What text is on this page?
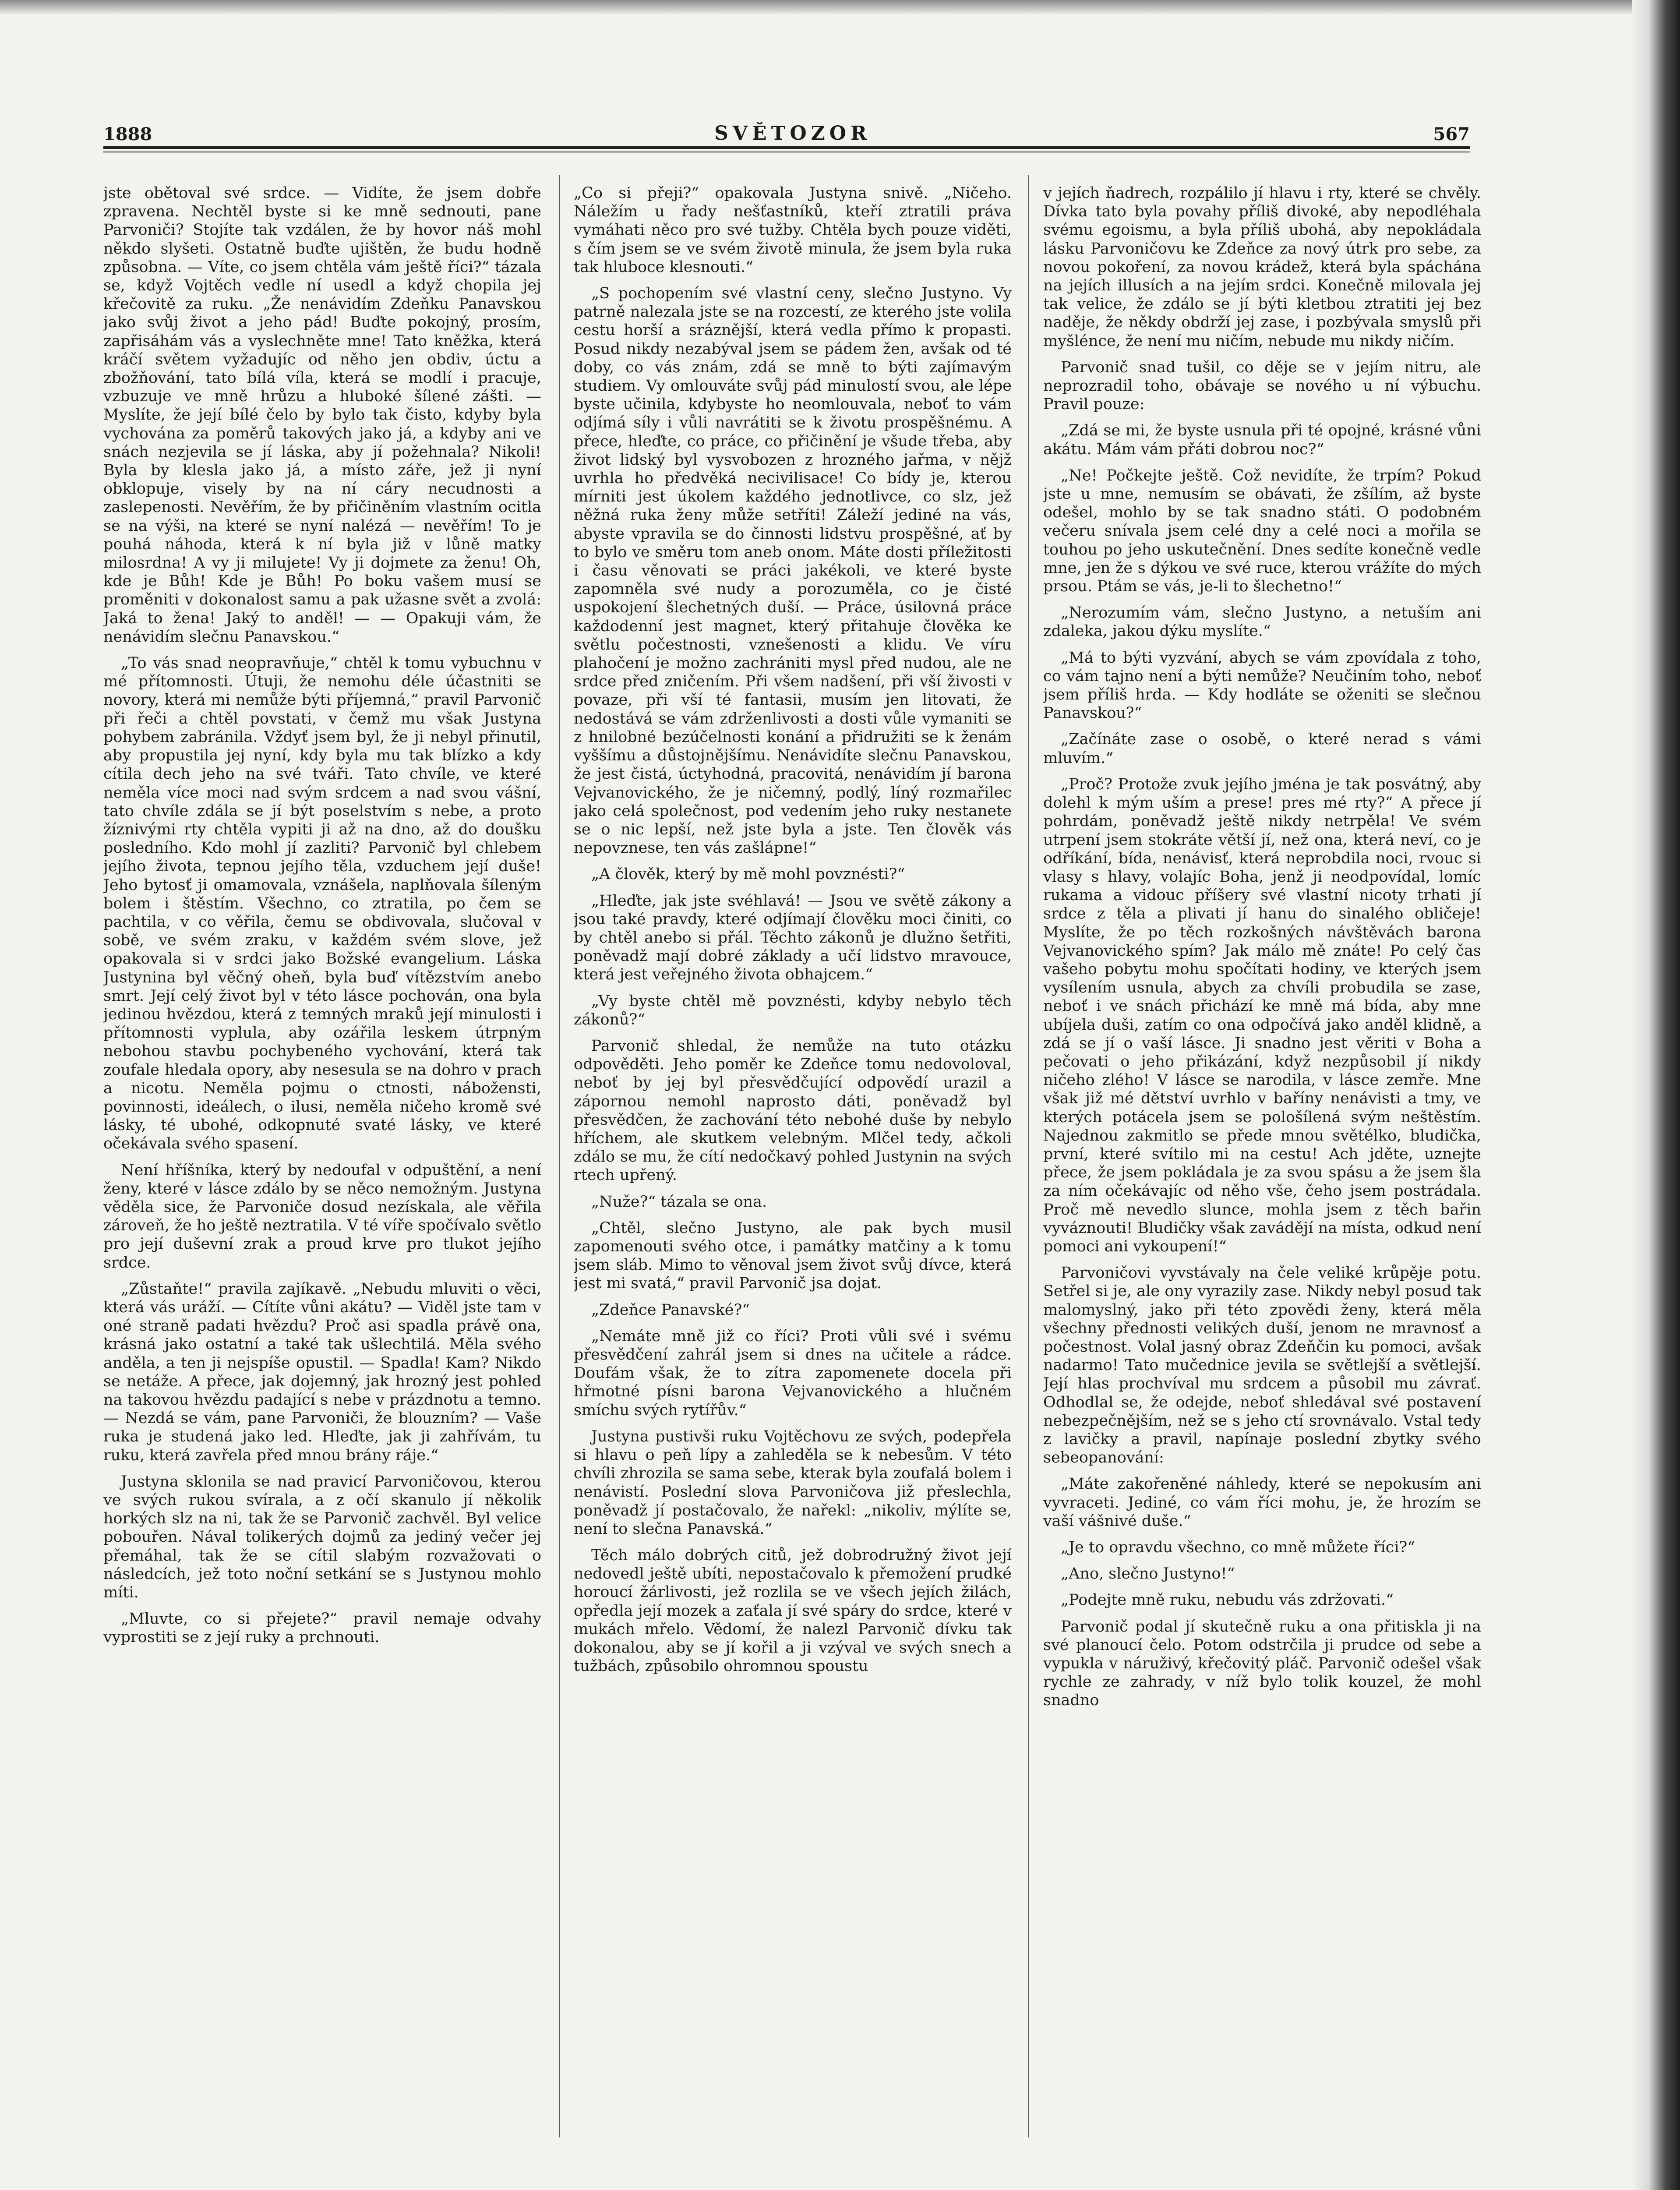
1888	SVĚTOZOR	567

jste obětoval své srdce. — Vidíte, že jsem dobře zpravena. Nechtěl byste si ke mně sednouti, pane Parvoniči? Stojíte tak vzdálen, že by hovor náš mohl někdo slyšeti. Ostatně buďte ujištěn, že budu hodně způsobna. — Víte, co jsem chtěla vám ještě říci?“ tázala se, když Vojtěch vedle ní usedl a když chopila jej křečovitě za ruku. „Že nenávidím Zdeňku Panavskou jako svůj život a jeho pád! Buďte pokojný, prosím, zapřisáhám vás a vyslechněte mne! Tato kněžka, která kráčí světem vyžadujíc od něho jen obdiv, úctu a zbožňování, tato bílá víla, která se modlí i pracuje, vzbuzuje ve mně hrůzu a hluboké šílené zášti. — Myslíte, že její bílé čelo by bylo tak čisto, kdyby byla vychována za poměrů takových jako já, a kdyby ani ve snách nezjevila se jí láska, aby jí požehnala? Nikoli! Byla by klesla jako já, a místo záře, jež ji nyní obklopuje, visely by na ní cáry necudnosti a zaslepenosti. Nevěřím, že by přičiněním vlastním ocitla se na výši, na které se nyní nalézá — nevěřím! To je pouhá náhoda, která k ní byla již v lůně matky milosrdna! A vy ji milujete! Vy ji dojmete za ženu! Oh, kde je Bůh! Kde je Bůh! Po boku vašem musí se proměniti v dokonalost samu a pak užasne svět a zvolá: Jaká to žena! Jaký to anděl! — — Opakuji vám, že nenávidím slečnu Panavskou.“

„To vás snad neopravňuje,“ chtěl k tomu vybuchnu v mé přítomnosti. Útuji, že nemohu déle účastniti se novory, která mi nemůže býti příjemná,“ pravil Parvonič při řeči a chtěl povstati, v čemž mu však Justyna pohybem zabránila. Vždyť jsem byl, že ji nebyl přinutil, aby propustila jej nyní, kdy byla mu tak blízko a kdy cítila dech jeho na své tváři. Tato chvíle, ve které neměla více moci nad svým srdcem a nad svou vášní, tato chvíle zdála se jí být poselstvím s nebe, a proto žíznivými rty chtěla vypiti ji až na dno, až do doušku posledního. Kdo mohl jí zazliti? Parvonič byl chlebem jejího života, tepnou jejího těla, vzduchem její duše! Jeho bytosť ji omamovala, vznášela, naplňovala šíleným bolem i štěstím. Všechno, co ztratila, po čem se pachtila, v co věřila, čemu se obdivovala, slučoval v sobě, ve svém zraku, v každém svém slove, jež opakovala si v srdci jako Božské evangelium. Láska Justynina byl věčný oheň, byla buď vítězstvím anebo smrt. Její celý život byl v této lásce pochován, ona byla jedinou hvězdou, která z temných mraků její minulosti i přítomnosti vyplula, aby ozářila leskem útrpným nebohou stavbu pochybeného vychování, která tak zoufale hledala opory, aby nesesula se na dohro v prach a nicotu. Neměla pojmu o ctnosti, nábožensti, povinnosti, ideálech, o ilusi, neměla ničeho kromě své lásky, té ubohé, odkopnuté svaté lásky, ve které očekávala svého spasení.

Není hříšníka, který by nedoufal v odpuštění, a není ženy, které v lásce zdálo by se něco nemožným. Justyna věděla sice, že Parvoniče dosud nezískala, ale věřila zároveň, že ho ještě neztratila. V té víře spočívalo světlo pro její duševní zrak a proud krve pro tlukot jejího srdce.

„Zůstaňte!“ pravila zajíkavě. „Nebudu mluviti o věci, která vás uráží. — Cítíte vůni akátu? — Viděl jste tam v oné straně padati hvězdu? Proč asi spadla právě ona, krásná jako ostatní a také tak ušlechtilá. Měla svého anděla, a ten ji nejspíše opustil. — Spadla! Kam? Nikdo se netáže. A přece, jak dojemný, jak hrozný jest pohled na takovou hvězdu padající s nebe v prázdnotu a temno. — Nezdá se vám, pane Parvoniči, že blouzním? — Vaše ruka je studená jako led. Hleďte, jak ji zahřívám, tu ruku, která zavřela před mnou brány ráje.“

Justyna sklonila se nad pravicí Parvoničovou, kterou ve svých rukou svírala, a z očí skanulo jí několik horkých slz na ni, tak že se Parvonič zachvěl. Byl velice pobouřen. Nával tolikerých dojmů za jediný večer jej přemáhal, tak že se cítil slabým rozvažovati o následcích, jež toto noční setkání se s Justynou mohlo míti.

„Mluvte, co si přejete?“ pravil nemaje odvahy vyprostiti se z její ruky a prchnouti.

„Co si přeji?“ opakovala Justyna snivě. „Ničeho. Náležím u řady nešťastníků, kteří ztratili práva vymáhati něco pro své tužby. Chtěla bych pouze viděti, s čím jsem se ve svém životě minula, že jsem byla ruka tak hluboce klesnouti.“

„S pochopením své vlastní ceny, slečno Justyno. Vy patrně nalezala jste se na rozcestí, ze kterého jste volila cestu horší a sráznější, která vedla přímo k propasti. Posud nikdy nezabýval jsem se pádem žen, avšak od té doby, co vás znám, zdá se mně to býti zajímavým studiem. Vy omlouváte svůj pád minulostí svou, ale lépe byste učinila, kdybyste ho neomlouvala, neboť to vám odjímá síly i vůli navrátiti se k životu prospěšnému. A přece, hleďte, co práce, co přičinění je všude třeba, aby život lidský byl vysvobozen z hrozného jařma, v nějž uvrhla ho předvěká necivilisace! Co bídy je, kterou mírniti jest úkolem každého jednotlivce, co slz, jež něžná ruka ženy může setříti! Záleží jediné na vás, abyste vpravila se do činnosti lidstvu prospěšné, ať by to bylo ve směru tom aneb onom. Máte dosti příležitosti i času věnovati se práci jakékoli, ve které byste zapomněla své nudy a porozuměla, co je čisté uspokojení šlechetných duší. — Práce, úsilovná práce každodenní jest magnet, který přitahuje člověka ke světlu počestnosti, vznešenosti a klidu. Ve víru plahočení je možno zachrániti mysl před nudou, ale ne srdce před zničením. Při všem nadšení, při vší živosti v povaze, při vší té fantasii, musím jen litovati, že nedostává se vám zdrženlivosti a dosti vůle vymaniti se z hnilobné bezúčelnosti konání a přidružiti se k ženám vyššímu a důstojnějšímu. Nenávidíte slečnu Panavskou, že jest čistá, úctyhodná, pracovitá, nenávidím jí barona Vejvanovického, že je ničemný, podlý, líný rozmařilec jako celá společnost, pod vedením jeho ruky nestanete se o nic lepší, než jste byla a jste. Ten člověk vás nepovznese, ten vás zašlápne!“

„A člověk, který by mě mohl povznésti?“

„Hleďte, jak jste svéhlavá! — Jsou ve světě zákony a jsou také pravdy, které odjímají člověku moci činiti, co by chtěl anebo si přál. Těchto zákonů je dlužno šetřiti, poněvadž mají dobré základy a učí lidstvo mravouce, která jest veřejného života obhajcem.“

„Vy byste chtěl mě povznésti, kdyby nebylo těch zákonů?“

Parvonič shledal, že nemůže na tuto otázku odpověděti. Jeho poměr ke Zdeňce tomu nedovoloval, neboť by jej byl přesvědčující odpovědí urazil a zápornou nemohl naprosto dáti, poněvadž byl přesvědčen, že zachování této nebohé duše by nebylo hříchem, ale skutkem velebným. Mlčel tedy, ačkoli zdálo se mu, že cítí nedočkavý pohled Justynin na svých rtech upřený.

„Nuže?“ tázala se ona.

„Chtěl, slečno Justyno, ale pak bych musil zapomenouti svého otce, i památky matčiny a k tomu jsem sláb. Mimo to věnoval jsem život svůj dívce, která jest mi svatá,“ pravil Parvonič jsa dojat.

„Zdeňce Panavské?“

„Nemáte mně již co říci? Proti vůli své i svému přesvědčení zahrál jsem si dnes na učitele a rádce. Doufám však, že to zítra zapomenete docela při hřmotné písni barona Vejvanovického a hlučném smíchu svých rytířův.“

Justyna pustivši ruku Vojtěchovu ze svých, podepřela si hlavu o peň lípy a zahleděla se k nebesům. V této chvíli zhrozila se sama sebe, kterak byla zoufalá bolem i nenávistí. Poslední slova Parvoničova již přeslechla, poněvadž jí postačovalo, že nařekl: „nikoliv, mýlíte se, není to slečna Panavská.“

Těch málo dobrých citů, jež dobrodružný život její nedovedl ještě ubíti, nepostačovalo k přemožení prudké horoucí žárlivosti, jež rozlila se ve všech jejích žilách, opředla její mozek a zaťala jí své spáry do srdce, které v mukách mřelo. Vědomí, že nalezl Parvonič dívku tak dokonalou, aby se jí kořil a ji vzýval ve svých snech a tužbách, způsobilo ohromnou spoustu

v jejích ňadrech, rozpálilo jí hlavu i rty, které se chvěly. Dívka tato byla povahy příliš divoké, aby nepodléhala svému egoismu, a byla příliš ubohá, aby nepokládala lásku Parvoničovu ke Zdeňce za nový útrk pro sebe, za novou pokoření, za novou krádež, která byla spáchána na jejích illusích a na jejím srdci. Konečně milovala jej tak velice, že zdálo se jí býti kletbou ztratiti jej bez naděje, že někdy obdrží jej zase, i pozbývala smyslů při myšlénce, že není mu ničím, nebude mu nikdy ničím.

Parvonič snad tušil, co děje se v jejím nitru, ale neprozradil toho, obávaje se nového u ní výbuchu. Pravil pouze:

„Zdá se mi, že byste usnula při té opojné, krásné vůni akátu. Mám vám přáti dobrou noc?“

„Ne! Počkejte ještě. Což nevidíte, že trpím? Pokud jste u mne, nemusím se obávati, že zšílím, až byste odešel, mohlo by se tak snadno státi. O podobném večeru snívala jsem celé dny a celé noci a mořila se touhou po jeho uskutečnění. Dnes sedíte konečně vedle mne, jen že s dýkou ve své ruce, kterou vrážíte do mých prsou. Ptám se vás, je-li to šlechetno!“

„Nerozumím vám, slečno Justyno, a netuším ani zdaleka, jakou dýku myslíte.“

„Má to býti vyzvání, abych se vám zpovídala z toho, co vám tajno není a býti nemůže? Neučiním toho, neboť jsem příliš hrda. — Kdy hodláte se oženiti se slečnou Panavskou?“

„Začínáte zase o osobě, o které nerad s vámi mluvím.“

„Proč? Protože zvuk jejího jména je tak posvátný, aby dolehl k mým uším a prese! pres mé rty?“ A přece jí pohrdám, poněvadž ještě nikdy netrpěla! Ve svém utrpení jsem stokráte větší jí, než ona, která neví, co je odříkání, bída, nenávisť, která neprobdila noci, rvouc si vlasy s hlavy, volajíc Boha, jenž ji neodpovídal, lomíc rukama a vidouc příšery své vlastní nicoty trhati jí srdce z těla a plivati jí hanu do sinalého obličeje! Myslíte, že po těch rozkošných návštěvách barona Vejvanovického spím? Jak málo mě znáte! Po celý čas vašeho pobytu mohu spočítati hodiny, ve kterých jsem vysílením usnula, abych za chvíli probudila se zase, neboť i ve snách přichází ke mně má bída, aby mne ubíjela duši, zatím co ona odpočívá jako anděl klidně, a zdá se jí o vaší lásce. Ji snadno jest věriti v Boha a pečovati o jeho přikázání, když nezpůsobil jí nikdy ničeho zlého! V lásce se narodila, v lásce zemře. Mne však již mé dětství uvrhlo v baříny nenávisti a tmy, ve kterých potácela jsem se pološílená svým neštěstím. Najednou zakmitlo se přede mnou světélko, bludička, první, které svítilo mi na cestu! Ach jděte, uznejte přece, že jsem pokládala je za svou spásu a že jsem šla za ním očekávajíc od něho vše, čeho jsem postrádala. Proč mě nevedlo slunce, mohla jsem z těch bařin vyváznouti! Bludičky však zavádějí na místa, odkud není pomoci ani vykoupení!“

Parvoničovi vyvstávaly na čele veliké krůpěje potu. Setřel si je, ale ony vyrazily zase. Nikdy nebyl posud tak malomyslný, jako při této zpovědi ženy, která měla všechny přednosti velikých duší, jenom ne mravnosť a počestnost. Volal jasný obraz Zdeňčin ku pomoci, avšak nadarmo! Tato mučednice jevila se světlejší a světlejší. Její hlas prochvíval mu srdcem a působil mu závrať. Odhodlal se, že odejde, neboť shledával své postavení nebezpečnějším, než se s jeho ctí srovnávalo. Vstal tedy z lavičky a pravil, napínaje poslední zbytky svého sebeopanování:

„Máte zakořeněné náhledy, které se nepokusím ani vyvraceti. Jediné, co vám říci mohu, je, že hrozím se vaší vášnivé duše.“

„Je to opravdu všechno, co mně můžete říci?“

„Ano, slečno Justyno!“

„Podejte mně ruku, nebudu vás zdržovati.“

Parvonič podal jí skutečně ruku a ona přitiskla ji na své planoucí čelo. Potom odstrčila ji prudce od sebe a vypukla v náruživý, křečovitý pláč. Parvonič odešel však rychle ze zahrady, v níž bylo tolik kouzel, že mohl snadno
